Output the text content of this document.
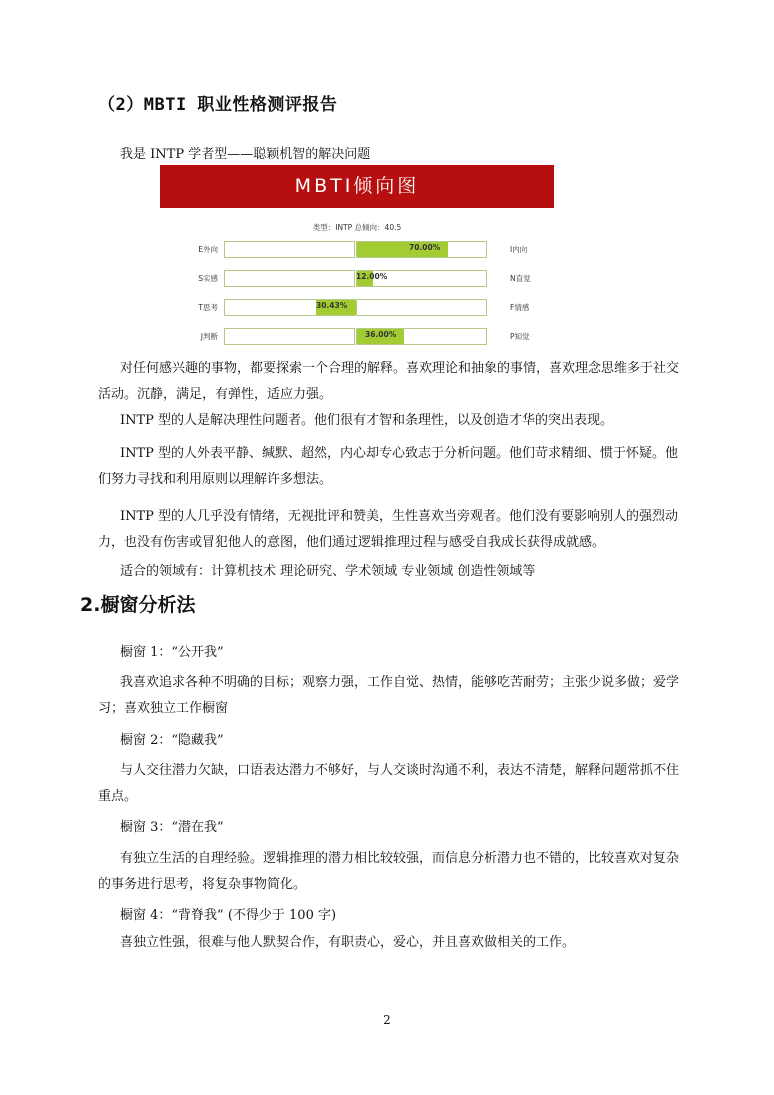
（2）MBTI 职业性格测评报告
我是 INTP 学者型——聪颖机智的解决问题
MBTI倾向图
类型：INTP 总倾向：40.5
E外向	70.00%	I内向
S实感	12.00%	N直觉
T思考	30.43%	F情感
J判断	36.00%	P知觉

对任何感兴趣的事物，都要探索一个合理的解释。喜欢理论和抽象的事情，喜欢理念思维多于社交活动。沉静，满足，有弹性，适应力强。

INTP 型的人是解决理性问题者。他们很有才智和条理性，以及创造才华的突出表现。

INTP 型的人外表平静、缄默、超然，内心却专心致志于分析问题。他们苛求精细、惯于怀疑。他们努力寻找和利用原则以理解许多想法。

INTP 型的人几乎没有情绪，无视批评和赞美，生性喜欢当旁观者。他们没有要影响别人的强烈动力，也没有伤害或冒犯他人的意图，他们通过逻辑推理过程与感受自我成长获得成就感。

适合的领域有：计算机技术 理论研究、学术领域 专业领域 创造性领域等

2.橱窗分析法

橱窗 1：“公开我”

我喜欢追求各种不明确的目标；观察力强，工作自觉、热情，能够吃苦耐劳；主张少说多做；爱学习；喜欢独立工作橱窗

橱窗 2：“隐藏我”

与人交往潜力欠缺，口语表达潜力不够好，与人交谈时沟通不利，表达不清楚，解释问题常抓不住重点。

橱窗 3：“潜在我”

有独立生活的自理经验。逻辑推理的潜力相比较较强，而信息分析潜力也不错的，比较喜欢对复杂的事务进行思考，将复杂事物简化。

橱窗 4：“背脊我” (不得少于 100 字)

喜独立性强，很难与他人默契合作，有职责心，爱心，并且喜欢做相关的工作。

2
